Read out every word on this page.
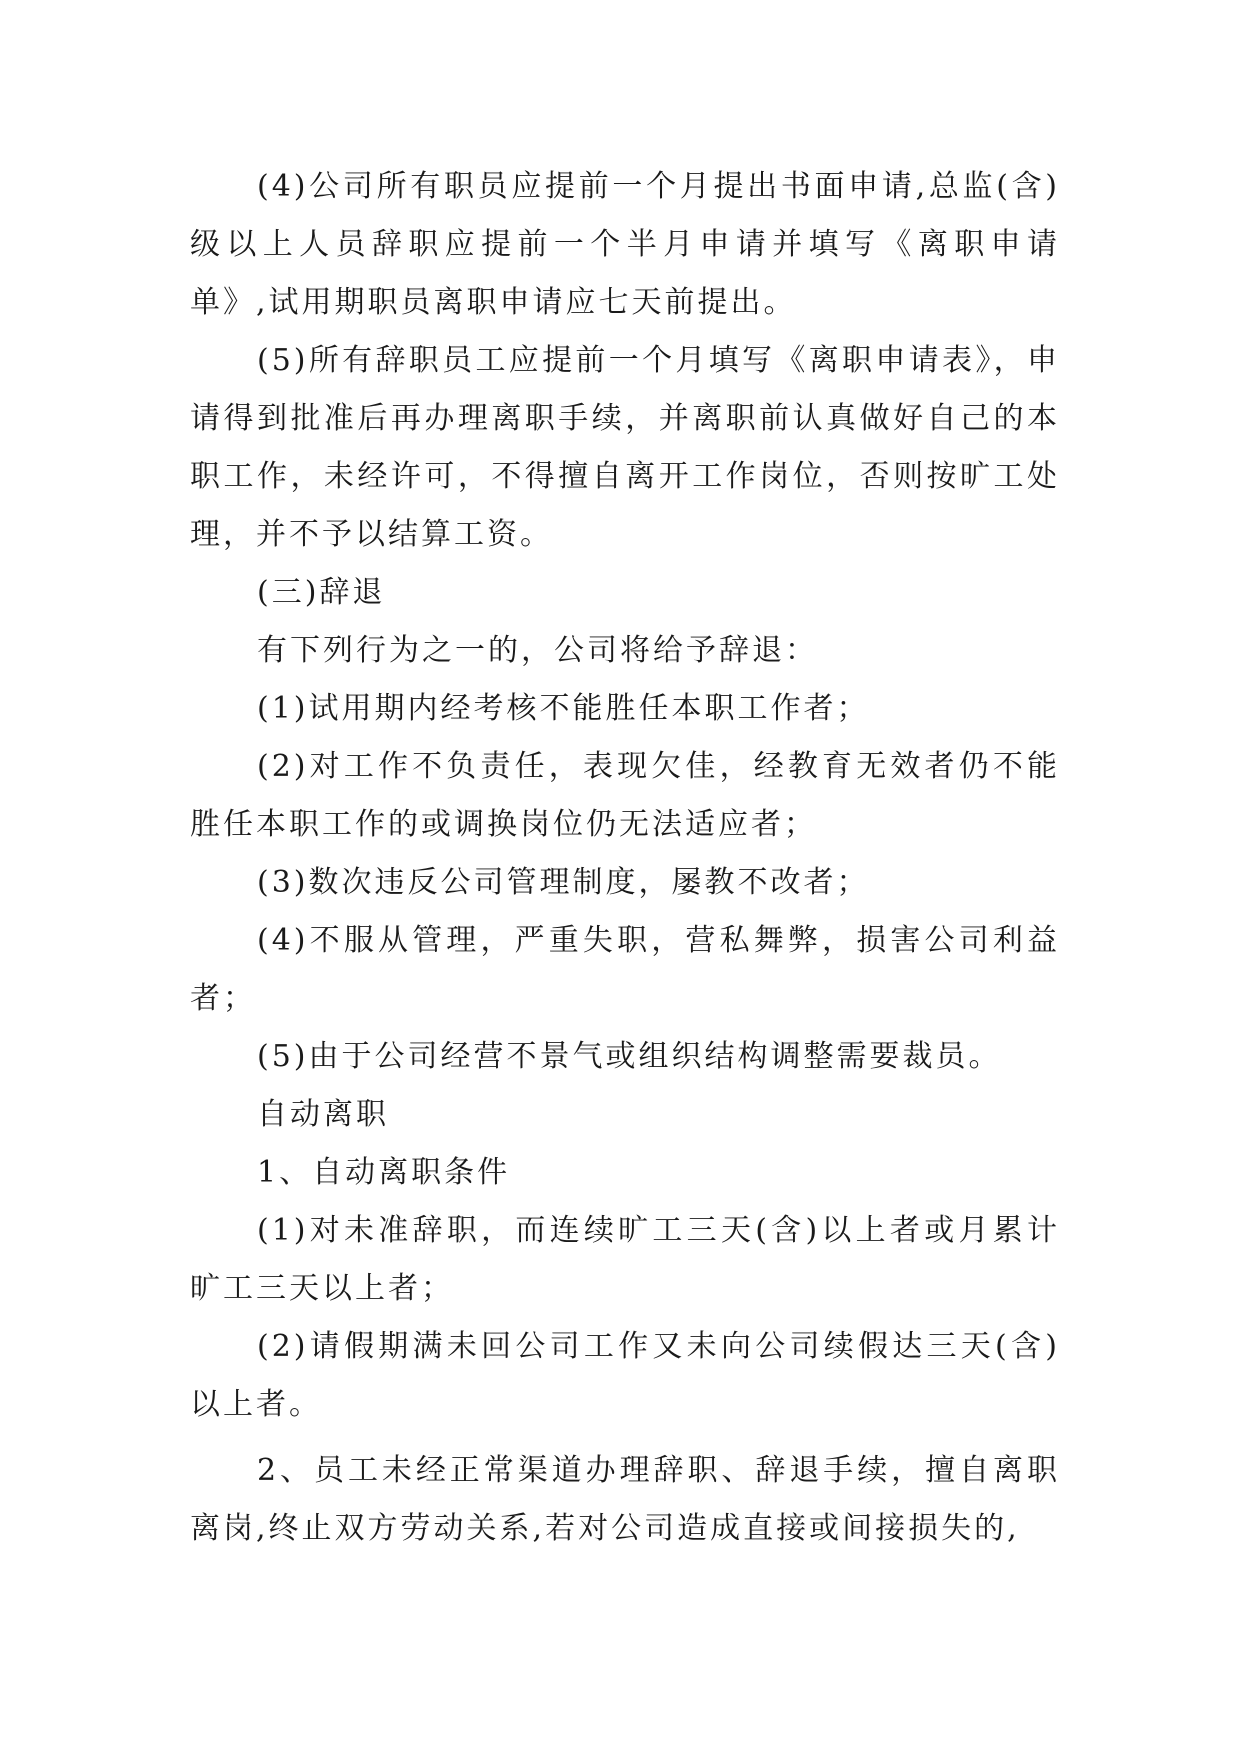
(4)公司所有职员应提前一个月提出书面申请,总监(含)级以上人员辞职应提前一个半月申请并填写《离职申请单》,试用期职员离职申请应七天前提出。

(5)所有辞职员工应提前一个月填写《离职申请表》，申请得到批准后再办理离职手续，并离职前认真做好自己的本职工作，未经许可，不得擅自离开工作岗位，否则按旷工处理，并不予以结算工资。

(三)辞退

有下列行为之一的，公司将给予辞退：

(1)试用期内经考核不能胜任本职工作者；

(2)对工作不负责任，表现欠佳，经教育无效者仍不能胜任本职工作的或调换岗位仍无法适应者；

(3)数次违反公司管理制度，屡教不改者；

(4)不服从管理，严重失职，营私舞弊，损害公司利益者；

(5)由于公司经营不景气或组织结构调整需要裁员。

自动离职

1、自动离职条件

(1)对未准辞职，而连续旷工三天(含)以上者或月累计旷工三天以上者；

(2)请假期满未回公司工作又未向公司续假达三天(含)以上者。

2、员工未经正常渠道办理辞职、辞退手续，擅自离职离岗,终止双方劳动关系,若对公司造成直接或间接损失的,
